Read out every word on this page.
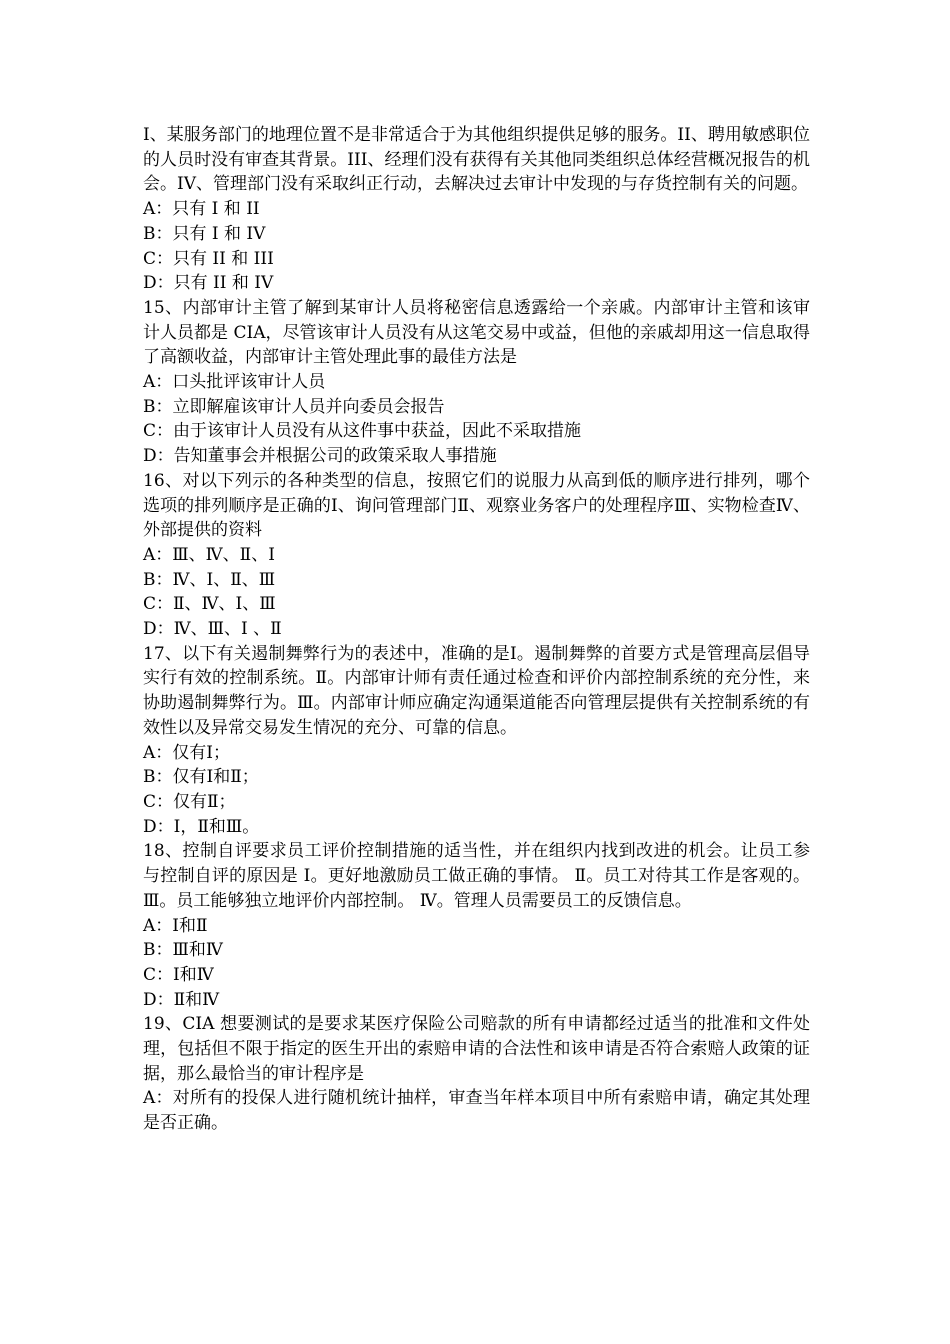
I、某服务部门的地理位置不是非常适合于为其他组织提供足够的服务。II、聘用敏感职位的人员时没有审查其背景。III、经理们没有获得有关其他同类组织总体经营概况报告的机会。IV、管理部门没有采取纠正行动，去解决过去审计中发现的与存货控制有关的问题。

A：只有 I 和 II

B：只有 I 和 IV

C：只有 II 和 III

D：只有 II 和 IV

15、内部审计主管了解到某审计人员将秘密信息透露给一个亲戚。内部审计主管和该审计人员都是 CIA，尽管该审计人员没有从这笔交易中或益，但他的亲戚却用这一信息取得了高额收益，内部审计主管处理此事的最佳方法是

A：口头批评该审计人员

B：立即解雇该审计人员并向委员会报告

C：由于该审计人员没有从这件事中获益，因此不采取措施

D：告知董事会并根据公司的政策采取人事措施

16、对以下列示的各种类型的信息，按照它们的说服力从高到低的顺序进行排列，哪个选项的排列顺序是正确的Ⅰ、询问管理部门Ⅱ、观察业务客户的处理程序Ⅲ、实物检查Ⅳ、外部提供的资料

A：Ⅲ、Ⅳ、Ⅱ、Ⅰ

B：Ⅳ、Ⅰ、Ⅱ、Ⅲ

C：Ⅱ、Ⅳ、Ⅰ、Ⅲ

D：Ⅳ、Ⅲ、Ⅰ 、Ⅱ

17、以下有关遏制舞弊行为的表述中，准确的是Ⅰ。遏制舞弊的首要方式是管理高层倡导实行有效的控制系统。Ⅱ。内部审计师有责任通过检查和评价内部控制系统的充分性，来协助遏制舞弊行为。Ⅲ。内部审计师应确定沟通渠道能否向管理层提供有关控制系统的有效性以及异常交易发生情况的充分、可靠的信息。

A：仅有Ⅰ；

B：仅有Ⅰ和Ⅱ；

C：仅有Ⅱ；

D：Ⅰ，Ⅱ和Ⅲ。

18、控制自评要求员工评价控制措施的适当性，并在组织内找到改进的机会。让员工参与控制自评的原因是 Ⅰ。更好地激励员工做正确的事情。 Ⅱ。员工对待其工作是客观的。 Ⅲ。员工能够独立地评价内部控制。 Ⅳ。管理人员需要员工的反馈信息。

A：Ⅰ和Ⅱ

B：Ⅲ和Ⅳ

C：Ⅰ和Ⅳ

D：Ⅱ和Ⅳ

19、CIA 想要测试的是要求某医疗保险公司赔款的所有申请都经过适当的批准和文件处理，包括但不限于指定的医生开出的索赔申请的合法性和该申请是否符合索赔人政策的证据，那么最恰当的审计程序是

A：对所有的投保人进行随机统计抽样，审查当年样本项目中所有索赔申请，确定其处理是否正确。
